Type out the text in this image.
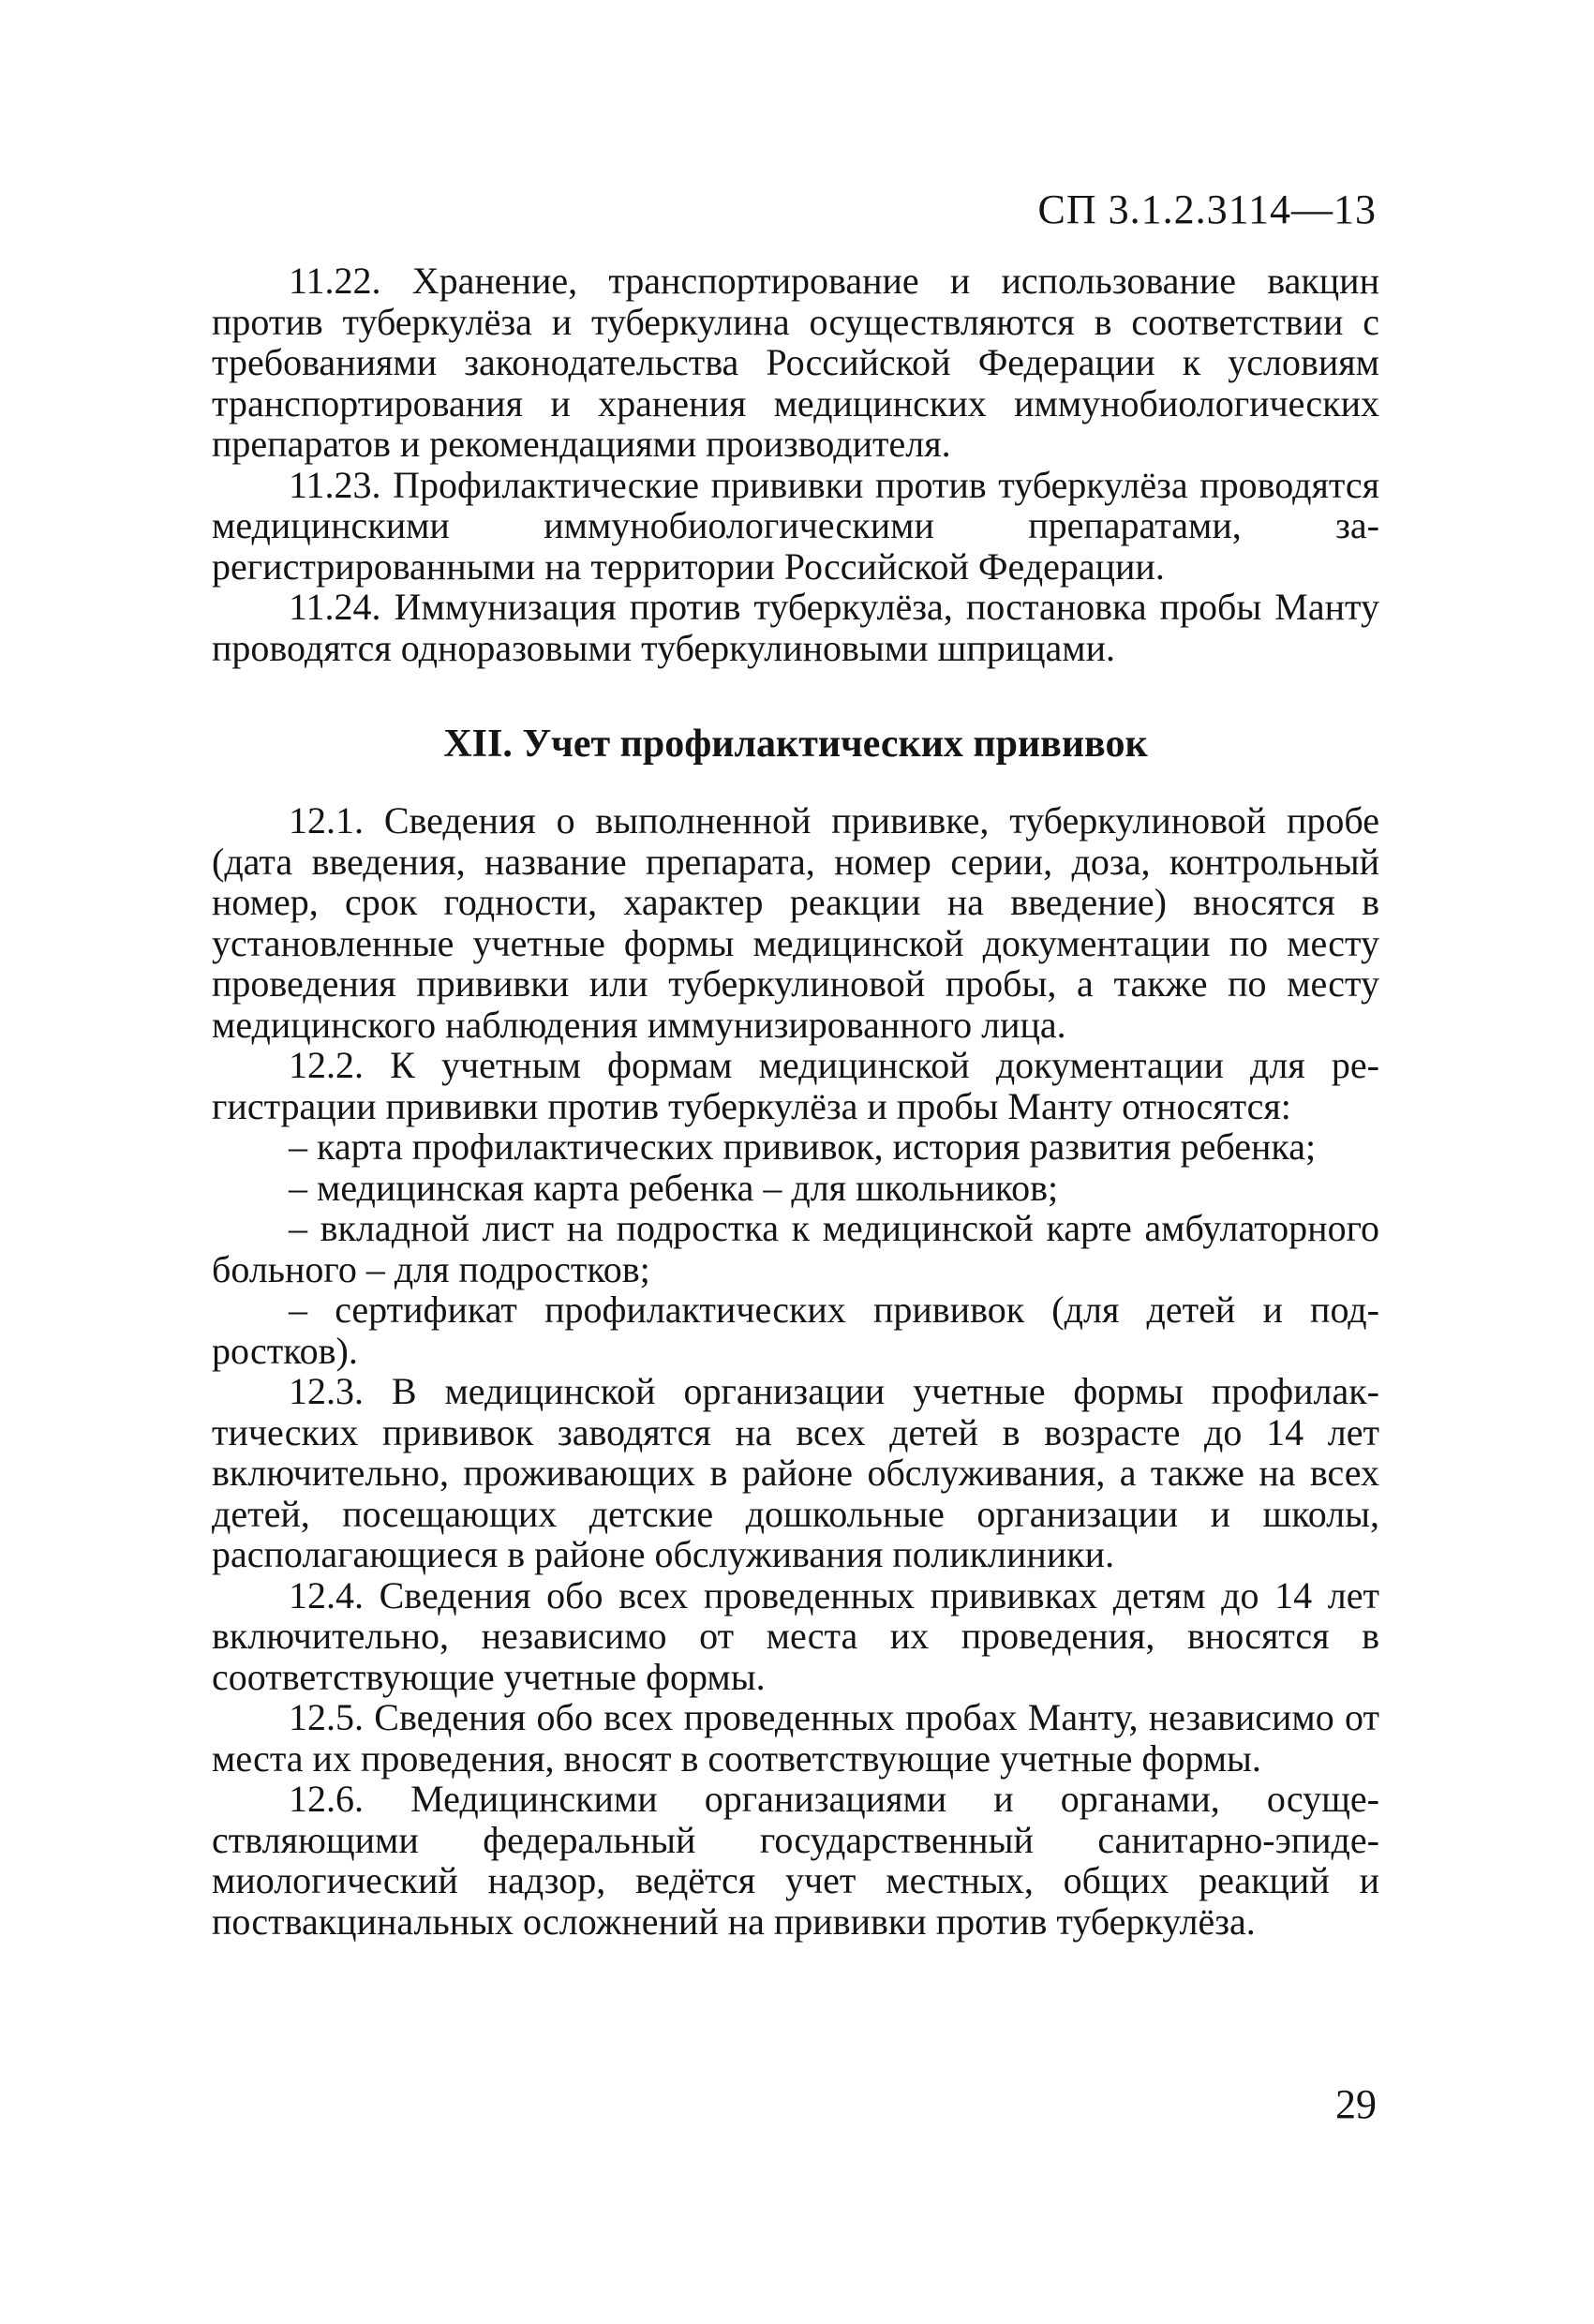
СП 3.1.2.3114—13

11.22. Хранение, транспортирование и использование вакцин против туберкулёза и туберкулина осуществляются в соответствии с требованиями законодательства Российской Федерации к условиям транспортирования и хранения медицинских иммунобиологических препаратов и рекомендациями производителя.

11.23. Профилактические прививки против туберкулёза проводятся медицинскими иммунобиологическими препаратами, зарегистрированными на территории Российской Федерации.

11.24. Иммунизация против туберкулёза, постановка пробы Манту проводятся одноразовыми туберкулиновыми шприцами.

XII. Учет профилактических прививок

12.1. Сведения о выполненной прививке, туберкулиновой пробе (дата введения, название препарата, номер серии, доза, контрольный номер, срок годности, характер реакции на введение) вносятся в установленные учетные формы медицинской документации по месту проведения прививки или туберкулиновой пробы, а также по месту медицинского наблюдения иммунизированного лица.

12.2. К учетным формам медицинской документации для регистрации прививки против туберкулёза и пробы Манту относятся:

– карта профилактических прививок, история развития ребенка;

– медицинская карта ребенка – для школьников;

– вкладной лист на подростка к медицинской карте амбулаторного больного – для подростков;

– сертификат профилактических прививок (для детей и подростков).

12.3. В медицинской организации учетные формы профилактических прививок заводятся на всех детей в возрасте до 14 лет включительно, проживающих в районе обслуживания, а также на всех детей, посещающих детские дошкольные организации и школы, располагающиеся в районе обслуживания поликлиники.

12.4. Сведения обо всех проведенных прививках детям до 14 лет включительно, независимо от места их проведения, вносятся в соответствующие учетные формы.

12.5. Сведения обо всех проведенных пробах Манту, независимо от места их проведения, вносят в соответствующие учетные формы.

12.6. Медицинскими организациями и органами, осуществляющими федеральный государственный санитарно-эпидемиологический надзор, ведётся учет местных, общих реакций и поствакцинальных осложнений на прививки против туберкулёза.

29
